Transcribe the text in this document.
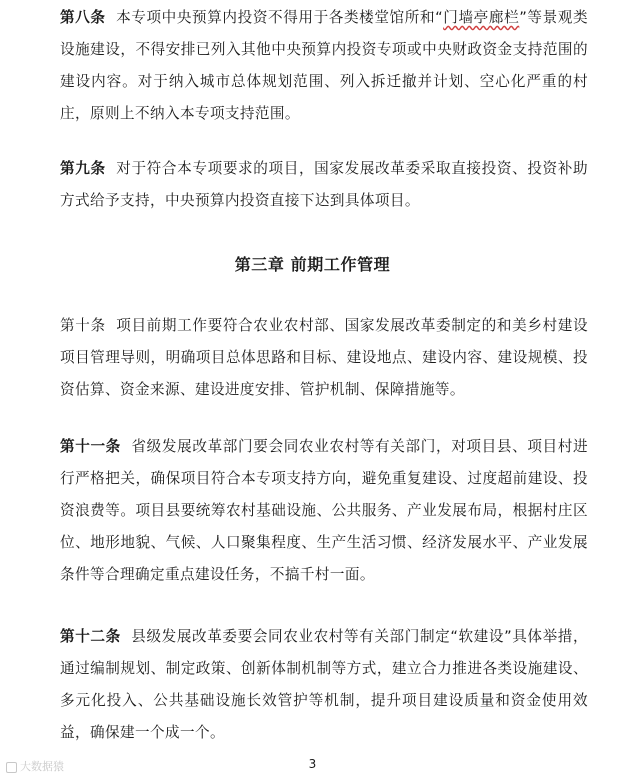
第八条 本专项中央预算内投资不得用于各类楼堂馆所和“门墙亭廊栏”等景观类设施建设，不得安排已列入其他中央预算内投资专项或中央财政资金支持范围的建设内容。对于纳入城市总体规划范围、列入拆迁撤并计划、空心化严重的村庄，原则上不纳入本专项支持范围。

第九条 对于符合本专项要求的项目，国家发展改革委采取直接投资、投资补助方式给予支持，中央预算内投资直接下达到具体项目。

第三章 前期工作管理

第十条 项目前期工作要符合农业农村部、国家发展改革委制定的和美乡村建设项目管理导则，明确项目总体思路和目标、建设地点、建设内容、建设规模、投资估算、资金来源、建设进度安排、管护机制、保障措施等。

第十一条 省级发展改革部门要会同农业农村等有关部门，对项目县、项目村进行严格把关，确保项目符合本专项支持方向，避免重复建设、过度超前建设、投资浪费等。项目县要统筹农村基础设施、公共服务、产业发展布局，根据村庄区位、地形地貌、气候、人口聚集程度、生产生活习惯、经济发展水平、产业发展条件等合理确定重点建设任务，不搞千村一面。

第十二条 县级发展改革委要会同农业农村等有关部门制定“软建设”具体举措，通过编制规划、制定政策、创新体制机制等方式，建立合力推进各类设施建设、多元化投入、公共基础设施长效管护等机制，提升项目建设质量和资金使用效益，确保建一个成一个。

3
大数据猿
